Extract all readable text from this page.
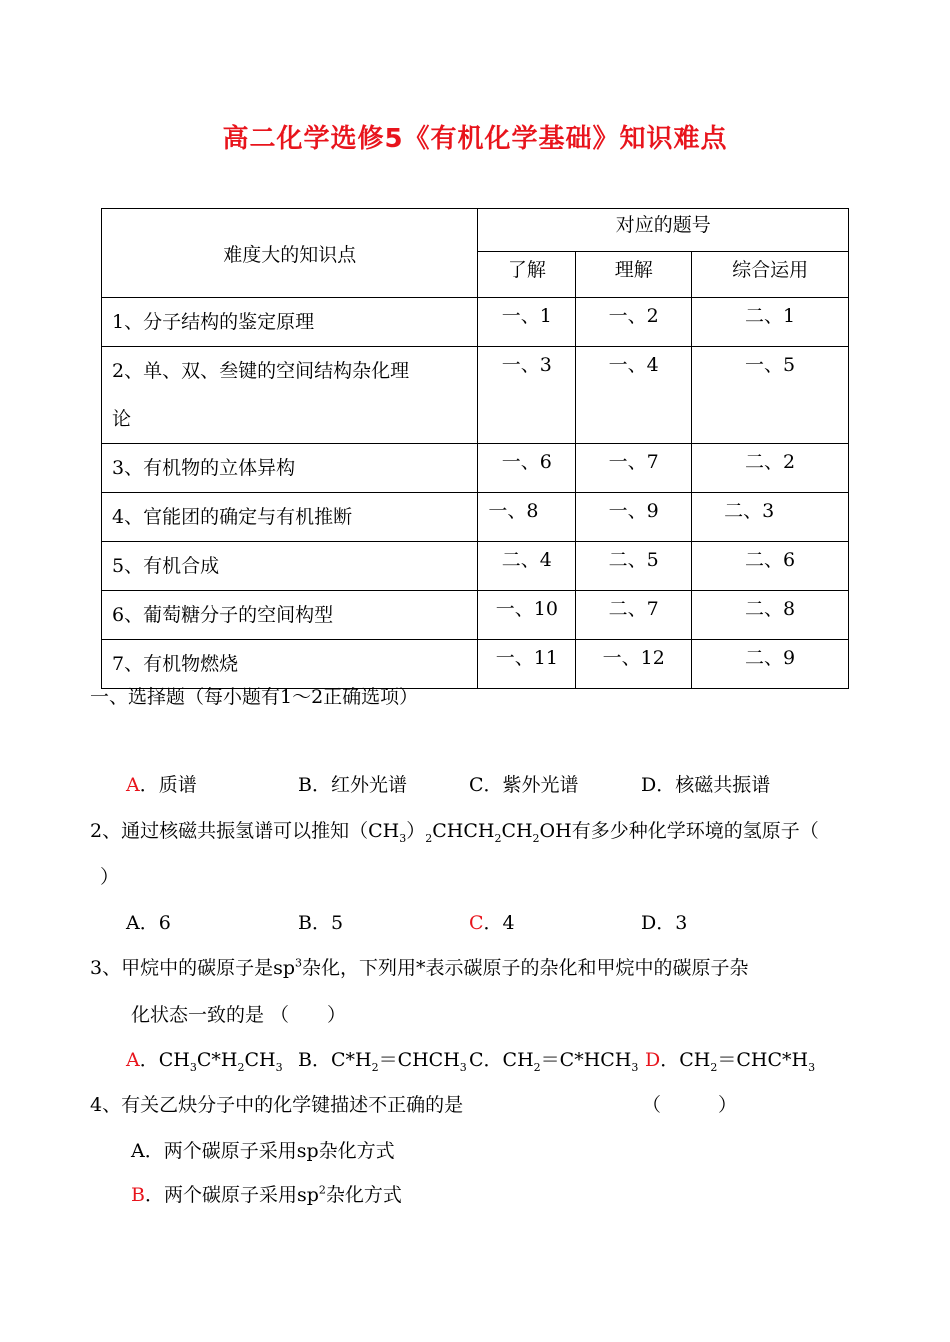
高二化学选修5《有机化学基础》知识难点
难度大的知识点	对应的题号		
	了解	理解	综合运用
1、分子结构的鉴定原理	一、1	一、2	二、1
2、单、双、叁键的空间结构杂化理
论	一、3	一、4	一、5
3、有机物的立体异构	一、6	一、7	二、2
4、官能团的确定与有机推断	一、8	一、9	二、3
5、有机合成	二、4	二、5	二、6
6、葡萄糖分子的空间构型	一、10	二、7	二、8
7、有机物燃烧	一、11	一、12	二、9
一、选择题（每小题有1～2正确选项）
A．质谱	B．红外光谱	C．紫外光谱	D．核磁共振谱
2、通过核磁共振氢谱可以推知$(CH_3)_2CHCH_2CH_2OH$有多少种化学环境的氢原子（
）
A．6	B．5	C．4	D．3
3、甲烷中的碳原子是$sp^3$杂化，下列用*表示碳原子的杂化和甲烷中的碳原子杂
化状态一致的是 （　　）
A．$CH_3C*H_2CH_3$ B．$C*H_2=CHCH_3$ C．$CH_2=C*HCH_3$ D．$CH_2=CHC*H_3$
4、有关乙炔分子中的化学键描述不正确的是	（　　　）
A．两个碳原子采用sp杂化方式
B．两个碳原子采用$sp^2$杂化方式
